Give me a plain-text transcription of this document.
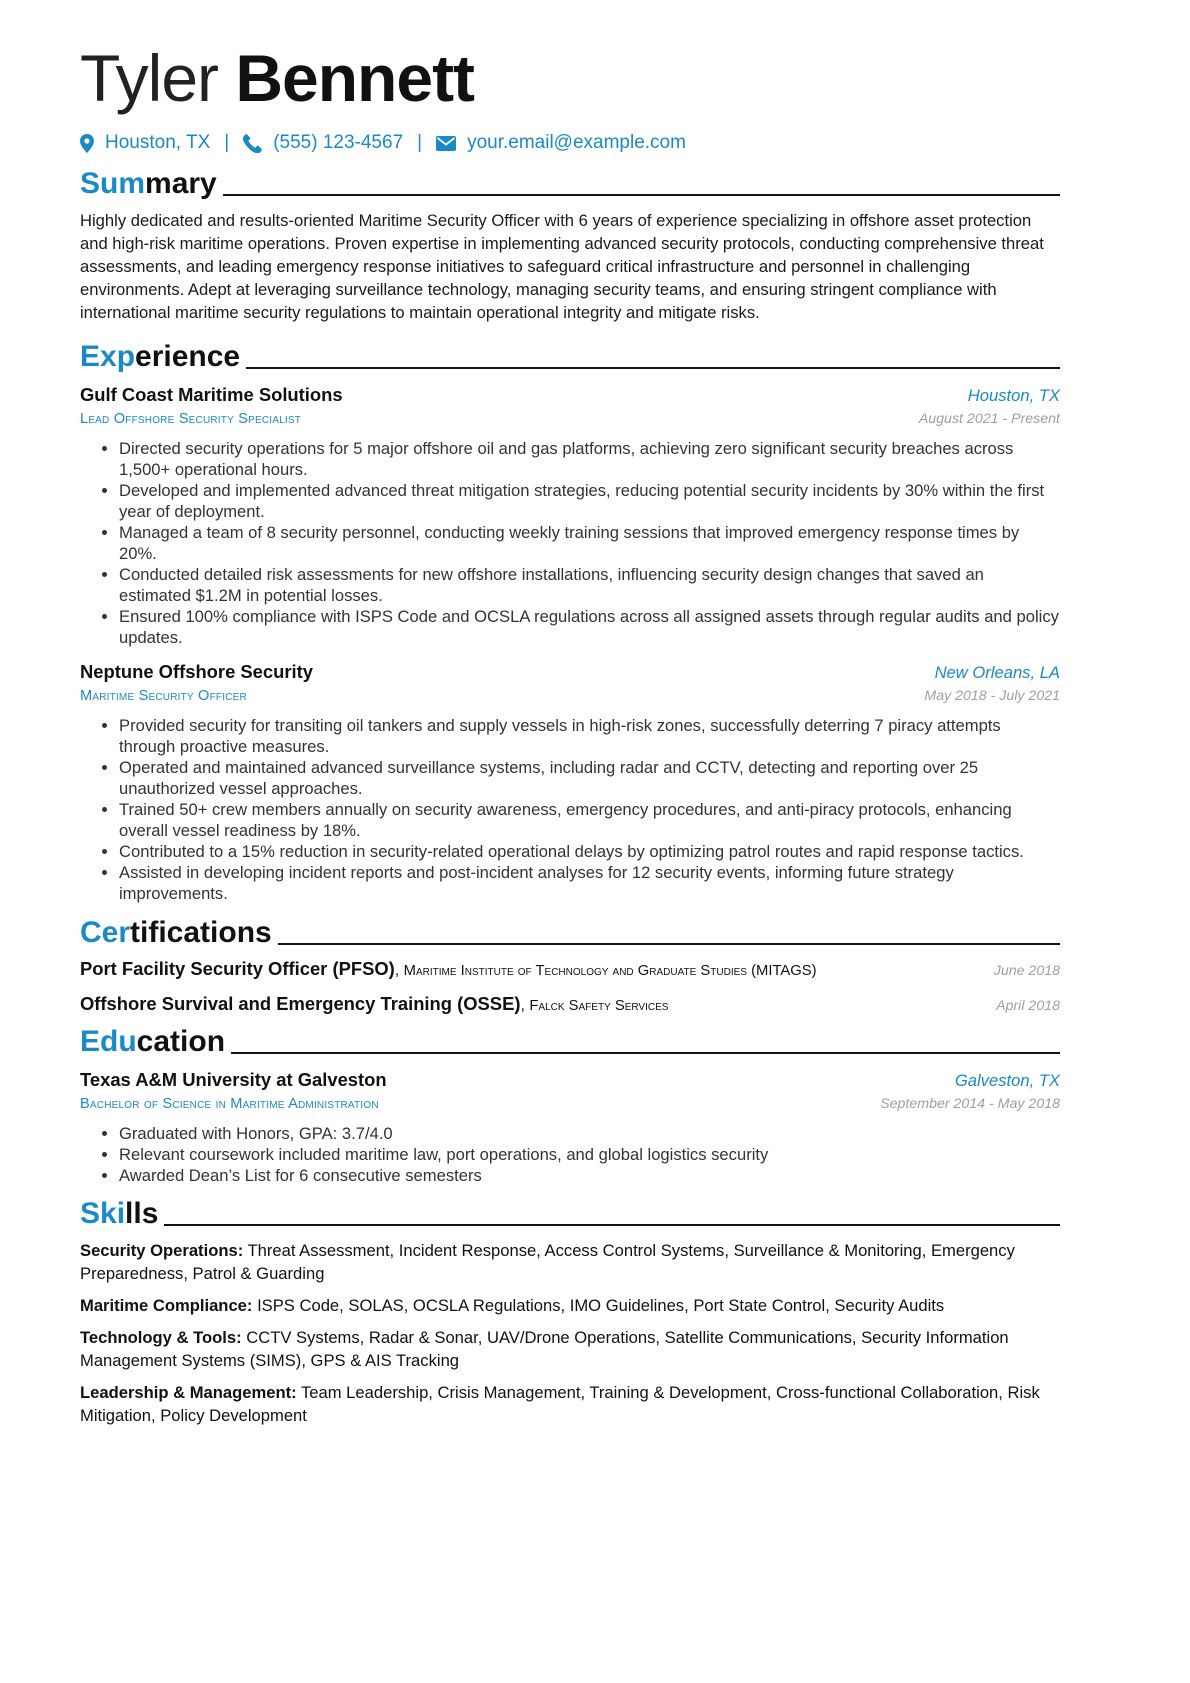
Tyler Bennett
Houston, TX | (555) 123-4567 | your.email@example.com
Sum mary
Highly dedicated and results-oriented Maritime Security Officer with 6 years of experience specializing in offshore asset protection and high-risk maritime operations. Proven expertise in implementing advanced security protocols, conducting comprehensive threat assessments, and leading emergency response initiatives to safeguard critical infrastructure and personnel in challenging environments. Adept at leveraging surveillance technology, managing security teams, and ensuring stringent compliance with international maritime security regulations to maintain operational integrity and mitigate risks.
Exp erience
Gulf Coast Maritime Solutions	Houston, TX
Lead Offshore Security Specialist	August 2021 - Present
• Directed security operations for 5 major offshore oil and gas platforms, achieving zero significant security breaches across 1,500+ operational hours.
• Developed and implemented advanced threat mitigation strategies, reducing potential security incidents by 30% within the first year of deployment.
• Managed a team of 8 security personnel, conducting weekly training sessions that improved emergency response times by 20%.
• Conducted detailed risk assessments for new offshore installations, influencing security design changes that saved an estimated $1.2M in potential losses.
• Ensured 100% compliance with ISPS Code and OCSLA regulations across all assigned assets through regular audits and policy updates.
Neptune Offshore Security	New Orleans, LA
Maritime Security Officer	May 2018 - July 2021
• Provided security for transiting oil tankers and supply vessels in high-risk zones, successfully deterring 7 piracy attempts through proactive measures.
• Operated and maintained advanced surveillance systems, including radar and CCTV, detecting and reporting over 25 unauthorized vessel approaches.
• Trained 50+ crew members annually on security awareness, emergency procedures, and anti-piracy protocols, enhancing overall vessel readiness by 18%.
• Contributed to a 15% reduction in security-related operational delays by optimizing patrol routes and rapid response tactics.
• Assisted in developing incident reports and post-incident analyses for 12 security events, informing future strategy improvements.
Cer tifications
Port Facility Security Officer (PFSO), Maritime Institute of Technology and Graduate Studies (MITAGS)	June 2018
Offshore Survival and Emergency Training (OSSE), Falck Safety Services	April 2018
Edu cation
Texas A&M University at Galveston	Galveston, TX
Bachelor of Science in Maritime Administration	September 2014 - May 2018
• Graduated with Honors, GPA: 3.7/4.0
• Relevant coursework included maritime law, port operations, and global logistics security
• Awarded Dean’s List for 6 consecutive semesters
Ski lls

Security Operations: Threat Assessment, Incident Response, Access Control Systems, Surveillance & Monitoring, Emergency Preparedness, Patrol & Guarding

Maritime Compliance: ISPS Code, SOLAS, OCSLA Regulations, IMO Guidelines, Port State Control, Security Audits

Technology & Tools: CCTV Systems, Radar & Sonar, UAV/Drone Operations, Satellite Communications, Security Information Management Systems (SIMS), GPS & AIS Tracking

Leadership & Management: Team Leadership, Crisis Management, Training & Development, Cross-functional Collaboration, Risk Mitigation, Policy Development
